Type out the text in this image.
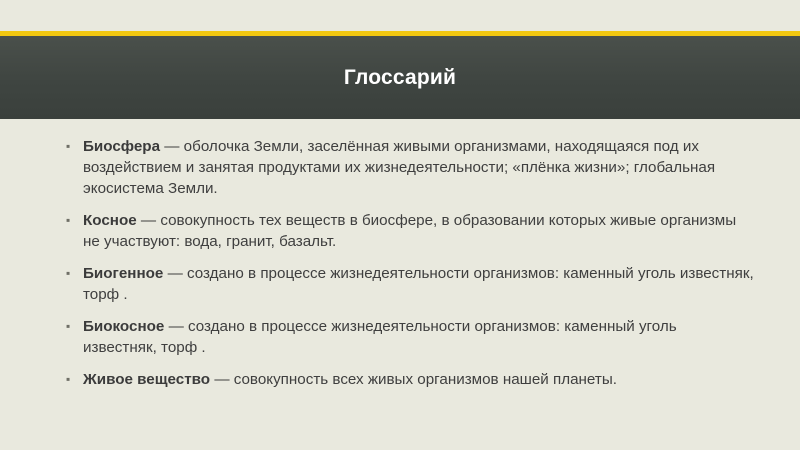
Глоссарий
▪ Биосфера — оболочка Земли, заселённая живыми организмами, находящаяся под их воздействием и занятая продуктами их жизнедеятельности; «плёнка жизни»; глобальная экосистема Земли.
▪ Косное — совокупность тех веществ в биосфере, в образовании которых живые организмы не участвуют: вода, гранит, базальт.
▪ Биогенное — создано в процессе жизнедеятельности организмов: каменный уголь известняк, торф .
▪ Биокосное — создано в процессе жизнедеятельности организмов: каменный уголь известняк, торф .
▪ Живое вещество — совокупность всех живых организмов нашей планеты.
